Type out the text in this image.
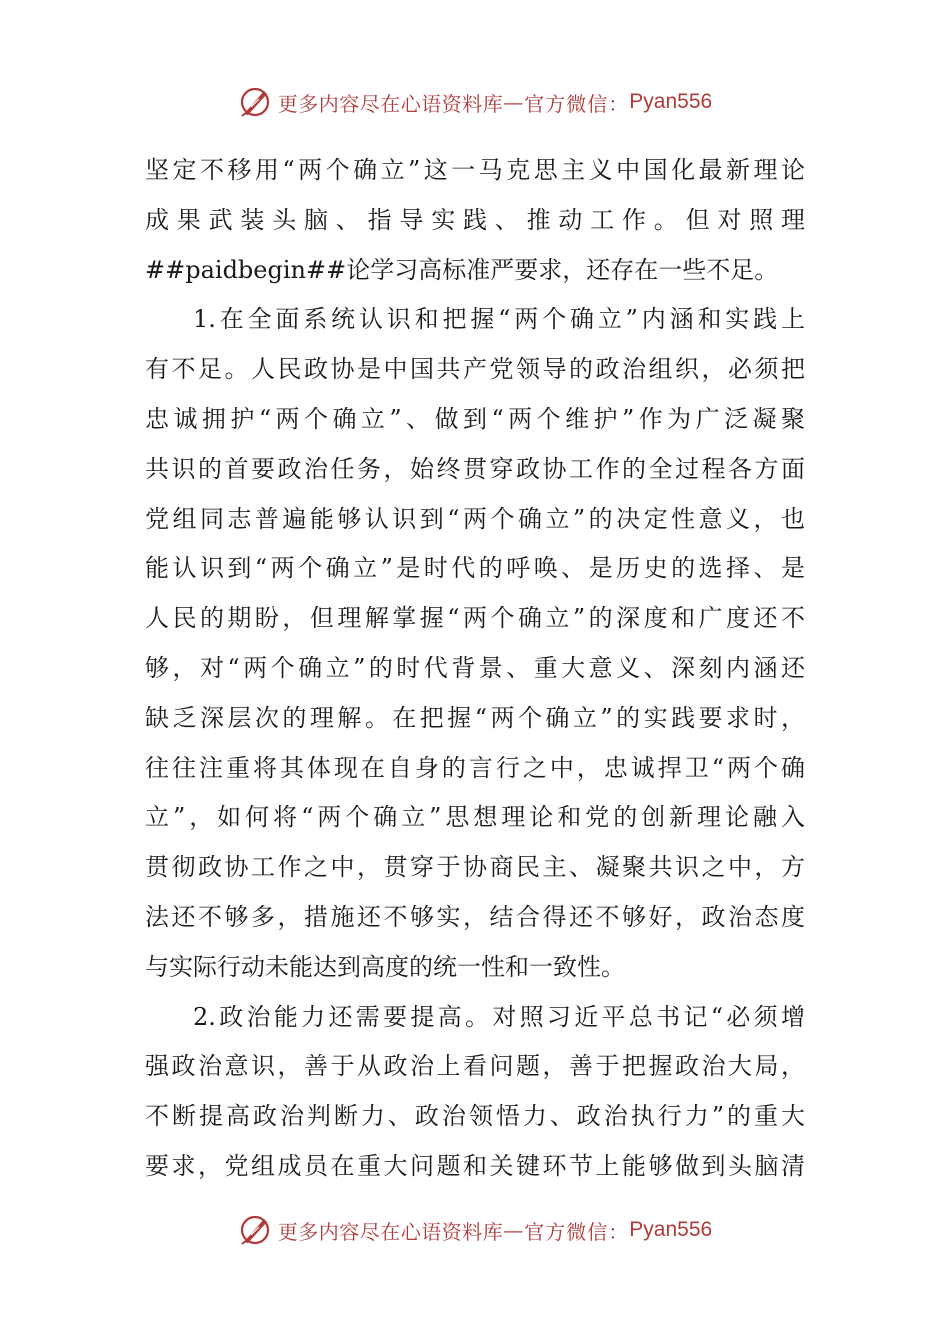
更多内容尽在心语资料库 — 官方微信： Pyan556
坚定不移用“两个确立”这一马克思主义中国化最新理论
成果武装头脑、指导实践、推动工作。但对照理
##paidbegin##论学习高标准严要求，还存在一些不足。
1.在全面系统认识和把握“两个确立”内涵和实践上
有不足。人民政协是中国共产党领导的政治组织，必须把
忠诚拥护“两个确立”、做到“两个维护”作为广泛凝聚
共识的首要政治任务，始终贯穿政协工作的全过程各方面
党组同志普遍能够认识到“两个确立”的决定性意义，也
能认识到“两个确立”是时代的呼唤、是历史的选择、是
人民的期盼，但理解掌握“两个确立”的深度和广度还不
够，对“两个确立”的时代背景、重大意义、深刻内涵还
缺乏深层次的理解。在把握“两个确立”的实践要求时，
往往注重将其体现在自身的言行之中，忠诚捍卫“两个确
立”，如何将“两个确立”思想理论和党的创新理论融入
贯彻政协工作之中，贯穿于协商民主、凝聚共识之中，方
法还不够多，措施还不够实，结合得还不够好，政治态度
与实际行动未能达到高度的统一性和一致性。
2.政治能力还需要提高。对照习近平总书记“必须增
强政治意识，善于从政治上看问题，善于把握政治大局，
不断提高政治判断力、政治领悟力、政治执行力”的重大
要求，党组成员在重大问题和关键环节上能够做到头脑清
更多内容尽在心语资料库 — 官方微信： Pyan556
